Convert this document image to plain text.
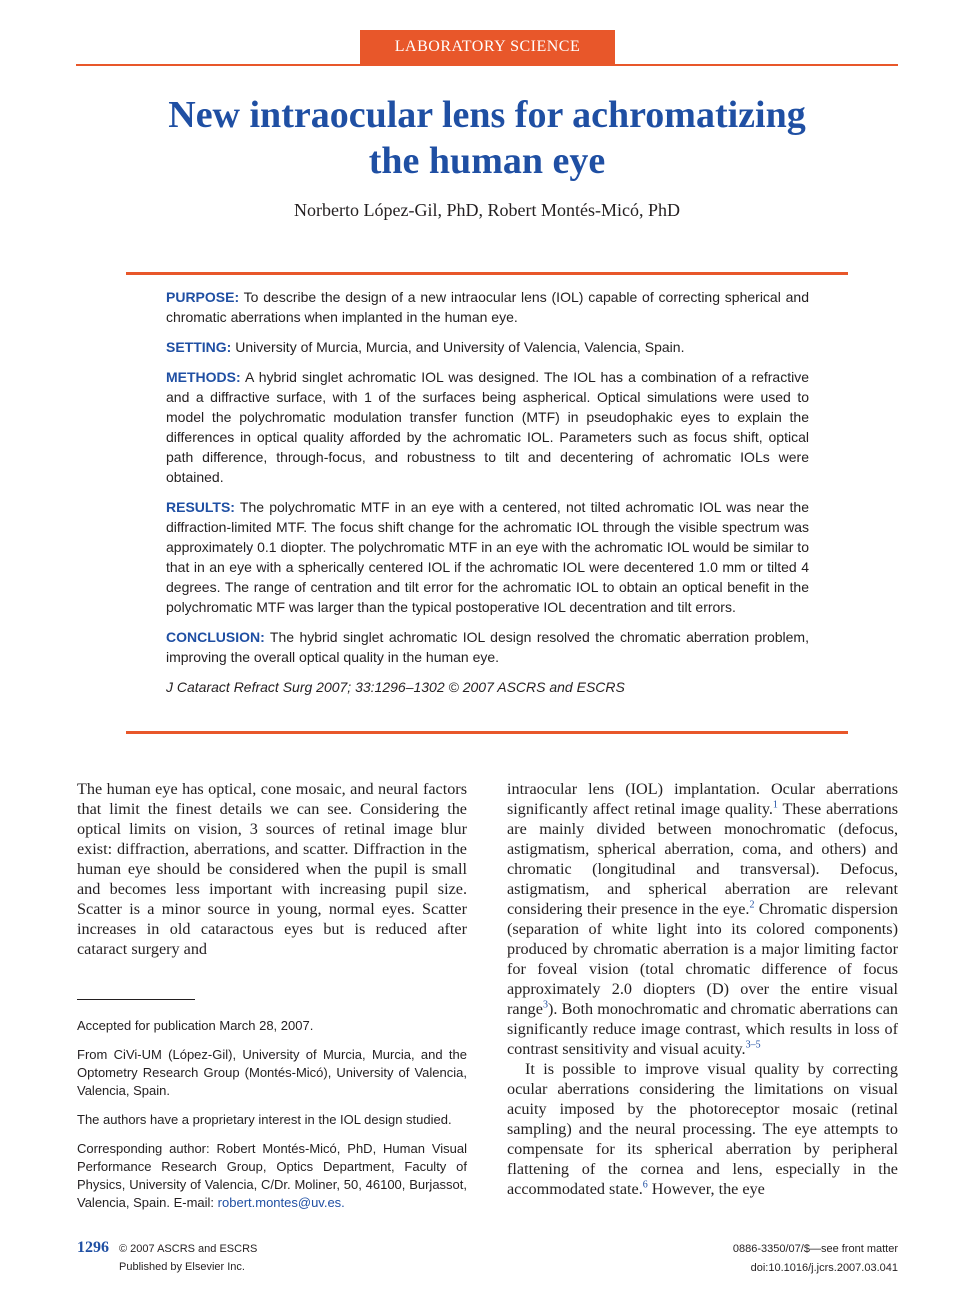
LABORATORY SCIENCE
New intraocular lens for achromatizing
the human eye
Norberto López-Gil, PhD, Robert Montés-Micó, PhD

PURPOSE: To describe the design of a new intraocular lens (IOL) capable of correcting spherical and chromatic aberrations when implanted in the human eye.

SETTING: University of Murcia, Murcia, and University of Valencia, Valencia, Spain.

METHODS: A hybrid singlet achromatic IOL was designed. The IOL has a combination of a refractive and a diffractive surface, with 1 of the surfaces being aspherical. Optical simulations were used to model the polychromatic modulation transfer function (MTF) in pseudophakic eyes to explain the differences in optical quality afforded by the achromatic IOL. Parameters such as focus shift, optical path difference, through-focus, and robustness to tilt and decentering of achromatic IOLs were obtained.

RESULTS: The polychromatic MTF in an eye with a centered, not tilted achromatic IOL was near the diffraction-limited MTF. The focus shift change for the achromatic IOL through the visible spectrum was approximately 0.1 diopter. The polychromatic MTF in an eye with the achromatic IOL would be similar to that in an eye with a spherically centered IOL if the achromatic IOL were decentered 1.0 mm or tilted 4 degrees. The range of centration and tilt error for the achromatic IOL to obtain an optical benefit in the polychromatic MTF was larger than the typical postoperative IOL decentration and tilt errors.

CONCLUSION: The hybrid singlet achromatic IOL design resolved the chromatic aberration problem, improving the overall optical quality in the human eye.

J Cataract Refract Surg 2007; 33:1296–1302 © 2007 ASCRS and ESCRS

The human eye has optical, cone mosaic, and neural factors that limit the finest details we can see. Considering the optical limits on vision, 3 sources of retinal image blur exist: diffraction, aberrations, and scatter. Diffraction in the human eye should be considered when the pupil is small and becomes less important with increasing pupil size. Scatter is a minor source in young, normal eyes. Scatter increases in old cataractous eyes but is reduced after cataract surgery and

intraocular lens (IOL) implantation. Ocular aberrations significantly affect retinal image quality.$^1$ These aberrations are mainly divided between monochromatic (defocus, astigmatism, spherical aberration, coma, and others) and chromatic (longitudinal and transversal). Defocus, astigmatism, and spherical aberration are relevant considering their presence in the eye.$^2$ Chromatic dispersion (separation of white light into its colored components) produced by chromatic aberration is a major limiting factor for foveal vision (total chromatic difference of focus approximately 2.0 diopters (D) over the entire visual range$^3$). Both monochromatic and chromatic aberrations can significantly reduce image contrast, which results in loss of contrast sensitivity and visual acuity.$^{3-5}$

It is possible to improve visual quality by correcting ocular aberrations considering the limitations on visual acuity imposed by the photoreceptor mosaic (retinal sampling) and the neural processing. The eye attempts to compensate for its spherical aberration by peripheral flattening of the cornea and lens, especially in the accommodated state.$^6$ However, the eye

Accepted for publication March 28, 2007.

From CiVi-UM (López-Gil), University of Murcia, Murcia, and the Optometry Research Group (Montés-Micó), University of Valencia, Valencia, Spain.

The authors have a proprietary interest in the IOL design studied.

Corresponding author: Robert Montés-Micó, PhD, Human Visual Performance Research Group, Optics Department, Faculty of Physics, University of Valencia, C/Dr. Moliner, 50, 46100, Burjassot, Valencia, Spain. E-mail: robert.montes@uv.es.

1296 © 2007 ASCRS and ESCRS
Published by Elsevier Inc.
0886-3350/07/$—see front matter
doi:10.1016/j.jcrs.2007.03.041
